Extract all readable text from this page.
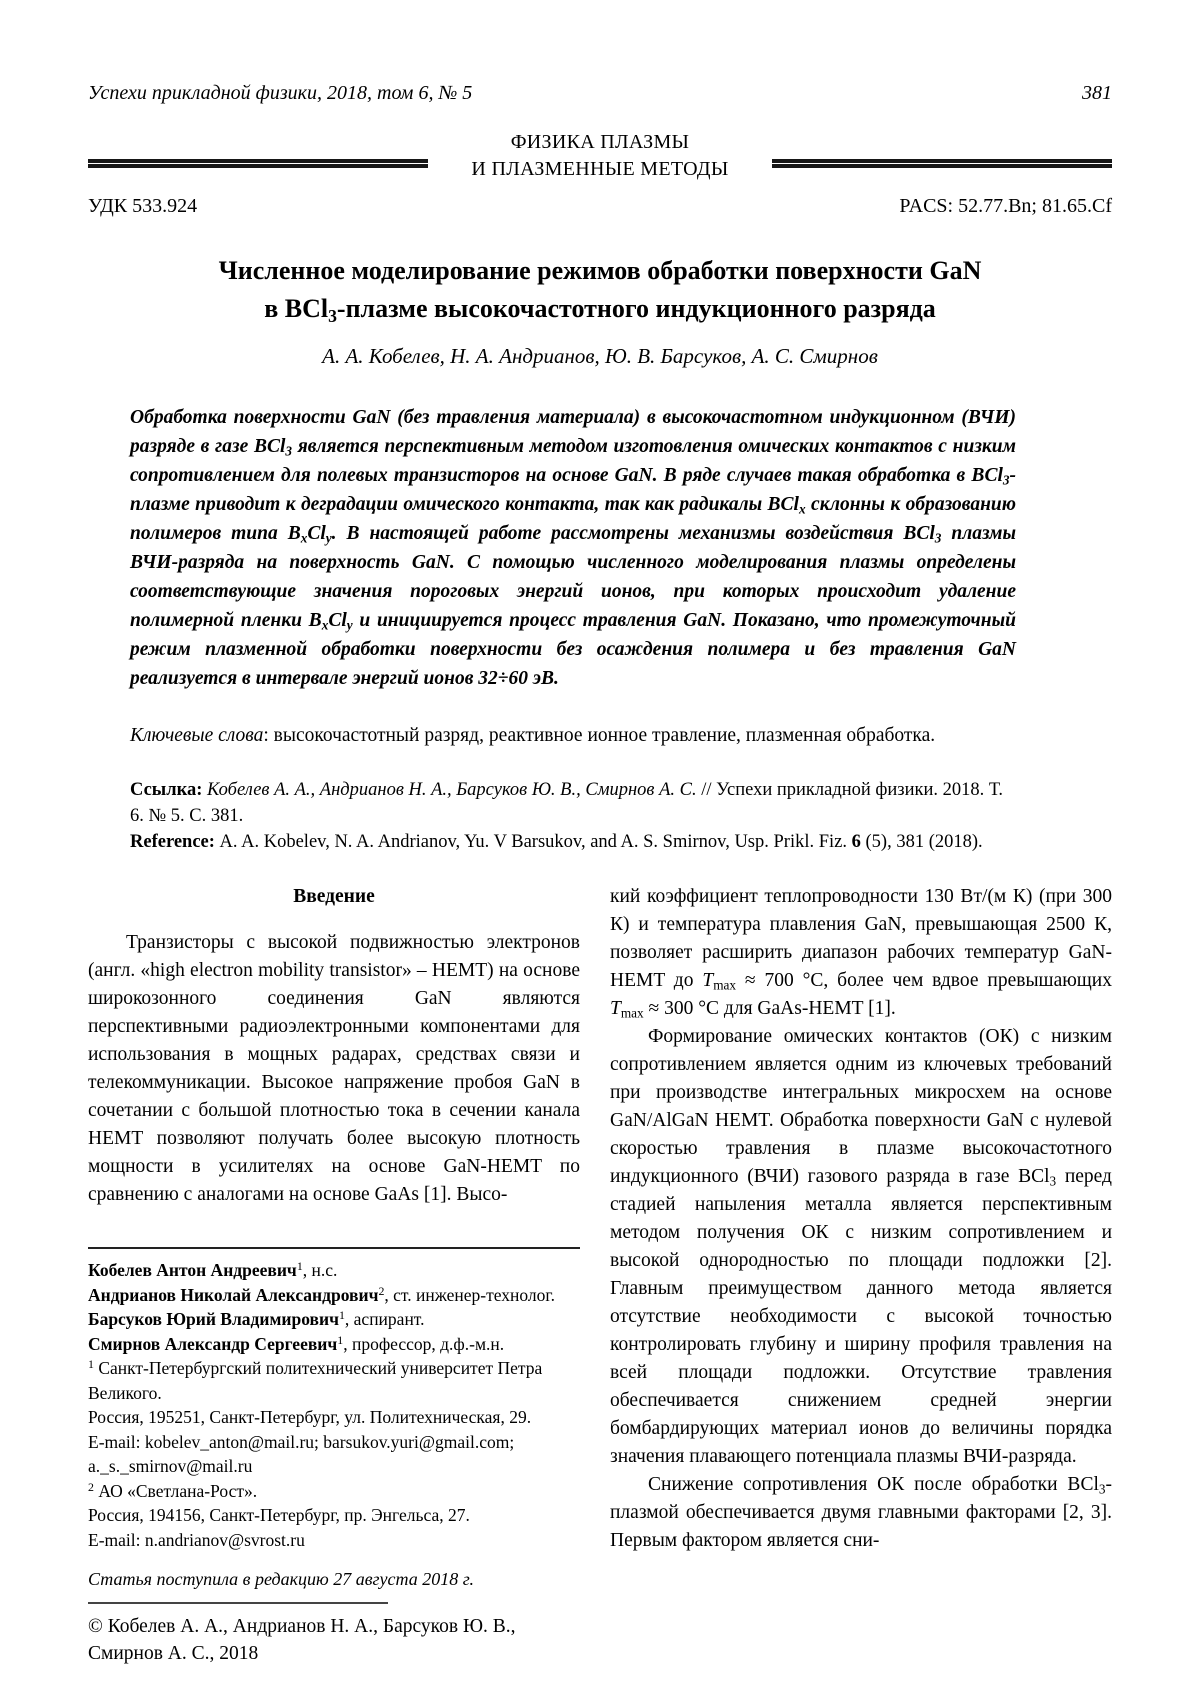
Успехи прикладной физики, 2018, том 6, № 5	381
ФИЗИКА ПЛАЗМЫ
И ПЛАЗМЕННЫЕ МЕТОДЫ
УДК 533.924	PACS: 52.77.Bn; 81.65.Cf
Численное моделирование режимов обработки поверхности GaN
в BCl$_3$-плазме высокочастотного индукционного разряда
А. А. Кобелев, Н. А. Андрианов, Ю. В. Барсуков, А. С. Смирнов
Обработка поверхности GaN (без травления материала) в высокочастотном индукционном (ВЧИ) разряде в газе BCl$_3$ является перспективным методом изготовления омических контактов с низким сопротивлением для полевых транзисторов на основе GaN. В ряде случаев такая обработка в BCl$_3$-плазме приводит к деградации омического контакта, так как радикалы BCl$_x$ склонны к образованию полимеров типа $B_xCl_y$. В настоящей работе рассмотрены механизмы воздействия BCl$_3$ плазмы ВЧИ-разряда на поверхность GaN. С помощью численного моделирования плазмы определены соответствующие значения пороговых энергий ионов, при которых происходит удаление полимерной пленки $B_xCl_y$ и инициируется процесс травления GaN. Показано, что промежуточный режим плазменной обработки поверхности без осаждения полимера и без травления GaN реализуется в интервале энергий ионов 32÷60 эВ.
Ключевые слова: высокочастотный разряд, реактивное ионное травление, плазменная обработка.
Ссылка: Кобелев А. А., Андрианов Н. А., Барсуков Ю. В., Смирнов А. С. // Успехи прикладной физики. 2018. Т. 6. № 5. С. 381.
Reference: A. A. Kobelev, N. A. Andrianov, Yu. V Barsukov, and A. S. Smirnov, Usp. Prikl. Fiz. 6 (5), 381 (2018).
Введение

Транзисторы с высокой подвижностью электронов (англ. «high electron mobility transistor» – HEMT) на основе широкозонного соединения GaN являются перспективными радиоэлектронными компонентами для использования в мощных радарах, средствах связи и телекоммуникации. Высокое напряжение пробоя GaN в сочетании с большой плотностью тока в сечении канала HEMT позволяют получать более высокую плотность мощности в усилителях на основе GaN-HEMT по сравнению с аналогами на основе GaAs [1]. Высо-

Кобелев Антон Андреевич$^1$, н.с.
Андрианов Николай Александрович$^2$, ст. инженер-технолог.
Барсуков Юрий Владимирович$^1$, аспирант.
Смирнов Александр Сергеевич$^1$, профессор, д.ф.-м.н.
$^1$ Санкт-Петербургский политехнический университет Петра Великого.
Россия, 195251, Санкт-Петербург, ул. Политехническая, 29.
E-mail: kobelev_anton@mail.ru; barsukov.yuri@gmail.com; a._s._smirnov@mail.ru
$^2$ АО «Светлана-Рост».
Россия, 194156, Санкт-Петербург, пр. Энгельса, 27.
E-mail: n.andrianov@svrost.ru
Статья поступила в редакцию 27 августа 2018 г.
© Кобелев А. А., Андрианов Н. А., Барсуков Ю. В., Смирнов А. С., 2018

кий коэффициент теплопроводности 130 Вт/(м К) (при 300 К) и температура плавления GaN, превышающая 2500 К, позволяет расширить диапазон рабочих температур GaN-HEMT до $T_{max} \approx 700$ °C, более чем вдвое превышающих $T_{max} \approx 300$ °C для GaAs-HEMT [1].

Формирование омических контактов (ОК) с низким сопротивлением является одним из ключевых требований при производстве интегральных микросхем на основе GaN/AlGaN HEMT. Обработка поверхности GaN с нулевой скоростью травления в плазме высокочастотного индукционного (ВЧИ) газового разряда в газе BCl$_3$ перед стадией напыления металла является перспективным методом получения ОК с низким сопротивлением и высокой однородностью по площади подложки [2]. Главным преимуществом данного метода является отсутствие необходимости с высокой точностью контролировать глубину и ширину профиля травления на всей площади подложки. Отсутствие травления обеспечивается снижением средней энергии бомбардирующих материал ионов до величины порядка значения плавающего потенциала плазмы ВЧИ-разряда.

Снижение сопротивления ОК после обработки BCl$_3$-плазмой обеспечивается двумя главными факторами [2, 3]. Первым фактором является сни-
